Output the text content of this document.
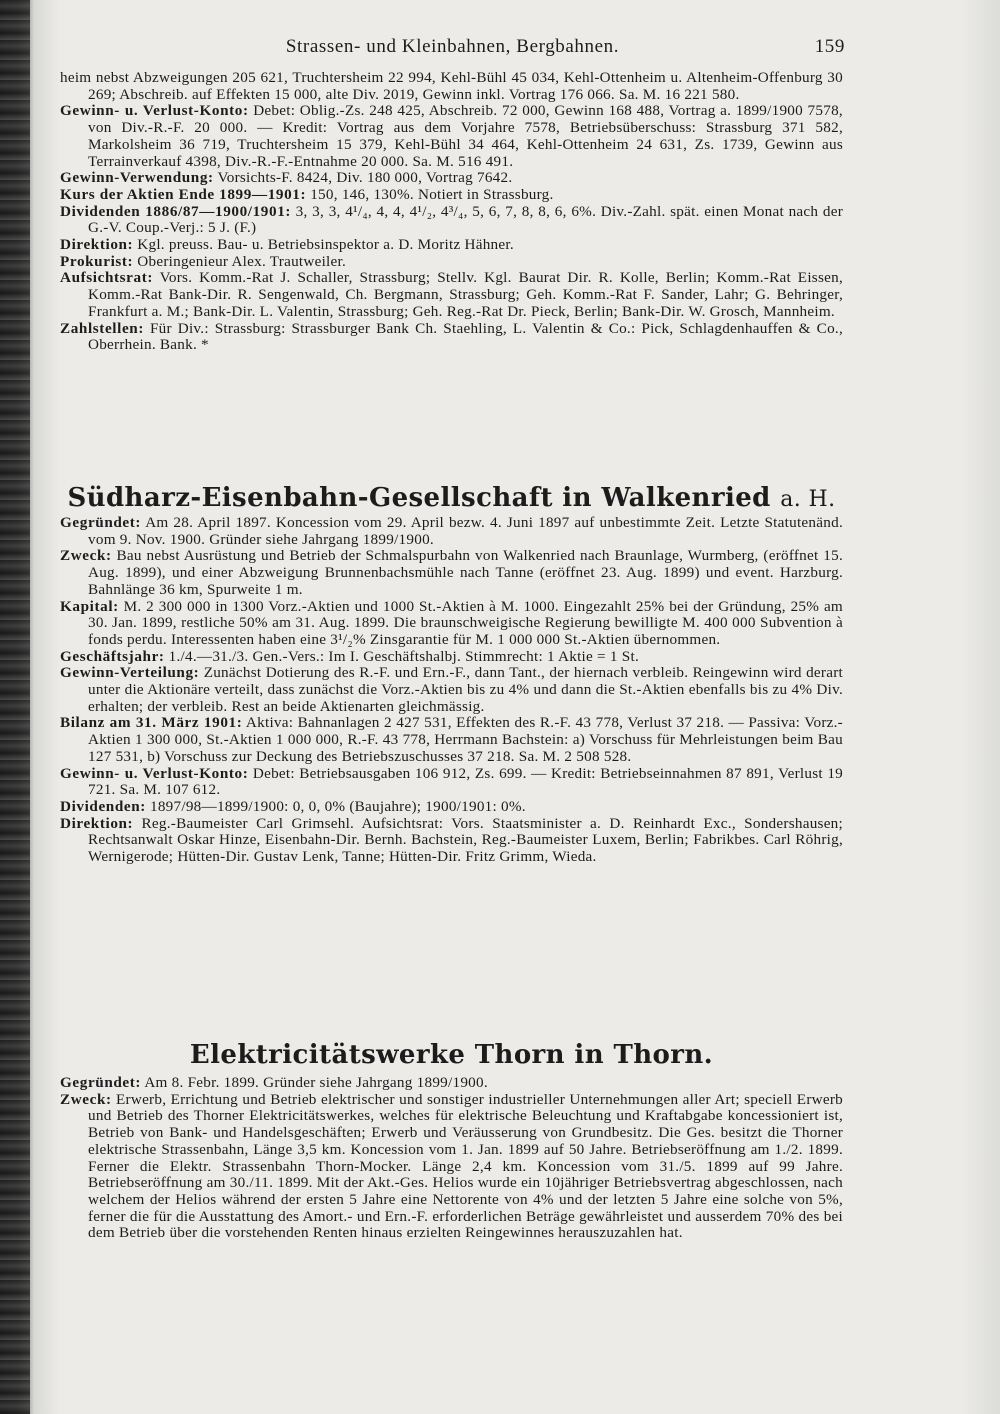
Strassen- und Kleinbahnen, Bergbahnen.	159

heim nebst Abzweigungen 205 621, Truchtersheim 22 994, Kehl-Bühl 45 034, Kehl-Ottenheim u. Altenheim-Offenburg 30 269; Abschreib. auf Effekten 15 000, alte Div. 2019, Gewinn inkl. Vortrag 176 066. Sa. M. 16 221 580.

Gewinn- u. Verlust-Konto: Debet: Oblig.-Zs. 248 425, Abschreib. 72 000, Gewinn 168 488, Vortrag a. 1899/1900 7578, von Div.-R.-F. 20 000. — Kredit: Vortrag aus dem Vorjahre 7578, Betriebsüberschuss: Strassburg 371 582, Markolsheim 36 719, Truchtersheim 15 379, Kehl-Bühl 34 464, Kehl-Ottenheim 24 631, Zs. 1739, Gewinn aus Terrainverkauf 4398, Div.-R.-F.-Entnahme 20 000. Sa. M. 516 491.

Gewinn-Verwendung: Vorsichts-F. 8424, Div. 180 000, Vortrag 7642.

Kurs der Aktien Ende 1899—1901: 150, 146, 130%. Notiert in Strassburg.

Dividenden 1886/87—1900/1901: 3, 3, 3, 4¹/₄, 4, 4, 4¹/₂, 4³/₄, 5, 6, 7, 8, 8, 6, 6%. Div.-Zahl. spät. einen Monat nach der G.-V. Coup.-Verj.: 5 J. (F.)

Direktion: Kgl. preuss. Bau- u. Betriebsinspektor a. D. Moritz Hähner.

Prokurist: Oberingenieur Alex. Trautweiler.

Aufsichtsrat: Vors. Komm.-Rat J. Schaller, Strassburg; Stellv. Kgl. Baurat Dir. R. Kolle, Berlin; Komm.-Rat Eissen, Komm.-Rat Bank-Dir. R. Sengenwald, Ch. Bergmann, Strassburg; Geh. Komm.-Rat F. Sander, Lahr; G. Behringer, Frankfurt a. M.; Bank-Dir. L. Valentin, Strassburg; Geh. Reg.-Rat Dr. Pieck, Berlin; Bank-Dir. W. Grosch, Mannheim.

Zahlstellen: Für Div.: Strassburg: Strassburger Bank Ch. Staehling, L. Valentin & Co.: Pick, Schlagdenhauffen & Co., Oberrhein. Bank. *

Südharz-Eisenbahn-Gesellschaft in Walkenried a. H.

Gegründet: Am 28. April 1897. Koncession vom 29. April bezw. 4. Juni 1897 auf unbestimmte Zeit. Letzte Statutenänd. vom 9. Nov. 1900. Gründer siehe Jahrgang 1899/1900.

Zweck: Bau nebst Ausrüstung und Betrieb der Schmalspurbahn von Walkenried nach Braunlage, Wurmberg, (eröffnet 15. Aug. 1899), und einer Abzweigung Brunnenbachsmühle nach Tanne (eröffnet 23. Aug. 1899) und event. Harzburg. Bahnlänge 36 km, Spurweite 1 m.

Kapital: M. 2 300 000 in 1300 Vorz.-Aktien und 1000 St.-Aktien à M. 1000. Eingezahlt 25% bei der Gründung, 25% am 30. Jan. 1899, restliche 50% am 31. Aug. 1899. Die braunschweigische Regierung bewilligte M. 400 000 Subvention à fonds perdu. Interessenten haben eine 3¹/₂% Zinsgarantie für M. 1 000 000 St.-Aktien übernommen.

Geschäftsjahr: 1./4.—31./3. Gen.-Vers.: Im I. Geschäftshalbj. Stimmrecht: 1 Aktie = 1 St.

Gewinn-Verteilung: Zunächst Dotierung des R.-F. und Ern.-F., dann Tant., der hiernach verbleib. Reingewinn wird derart unter die Aktionäre verteilt, dass zunächst die Vorz.-Aktien bis zu 4% und dann die St.-Aktien ebenfalls bis zu 4% Div. erhalten; der verbleib. Rest an beide Aktienarten gleichmässig.

Bilanz am 31. März 1901: Aktiva: Bahnanlagen 2 427 531, Effekten des R.-F. 43 778, Verlust 37 218. — Passiva: Vorz.-Aktien 1 300 000, St.-Aktien 1 000 000, R.-F. 43 778, Herrmann Bachstein: a) Vorschuss für Mehrleistungen beim Bau 127 531, b) Vorschuss zur Deckung des Betriebszuschusses 37 218. Sa. M. 2 508 528.

Gewinn- u. Verlust-Konto: Debet: Betriebsausgaben 106 912, Zs. 699. — Kredit: Betriebseinnahmen 87 891, Verlust 19 721. Sa. M. 107 612.

Dividenden: 1897/98—1899/1900: 0, 0, 0% (Baujahre); 1900/1901: 0%.

Direktion: Reg.-Baumeister Carl Grimsehl. Aufsichtsrat: Vors. Staatsminister a. D. Reinhardt Exc., Sondershausen; Rechtsanwalt Oskar Hinze, Eisenbahn-Dir. Bernh. Bachstein, Reg.-Baumeister Luxem, Berlin; Fabrikbes. Carl Röhrig, Wernigerode; Hütten-Dir. Gustav Lenk, Tanne; Hütten-Dir. Fritz Grimm, Wieda.

Elektricitätswerke Thorn in Thorn.

Gegründet: Am 8. Febr. 1899. Gründer siehe Jahrgang 1899/1900.

Zweck: Erwerb, Errichtung und Betrieb elektrischer und sonstiger industrieller Unternehmungen aller Art; speciell Erwerb und Betrieb des Thorner Elektricitätswerkes, welches für elektrische Beleuchtung und Kraftabgabe koncessioniert ist, Betrieb von Bank- und Handelsgeschäften; Erwerb und Veräusserung von Grundbesitz. Die Ges. besitzt die Thorner elektrische Strassenbahn, Länge 3,5 km. Koncession vom 1. Jan. 1899 auf 50 Jahre. Betriebseröffnung am 1./2. 1899. Ferner die Elektr. Strassenbahn Thorn-Mocker. Länge 2,4 km. Koncession vom 31./5. 1899 auf 99 Jahre. Betriebseröffnung am 30./11. 1899. Mit der Akt.-Ges. Helios wurde ein 10jähriger Betriebsvertrag abgeschlossen, nach welchem der Helios während der ersten 5 Jahre eine Nettorente von 4% und der letzten 5 Jahre eine solche von 5%, ferner die für die Ausstattung des Amort.- und Ern.-F. erforderlichen Beträge gewährleistet und ausserdem 70% des bei dem Betrieb über die vorstehenden Renten hinaus erzielten Reingewinnes herauszuzahlen hat.
